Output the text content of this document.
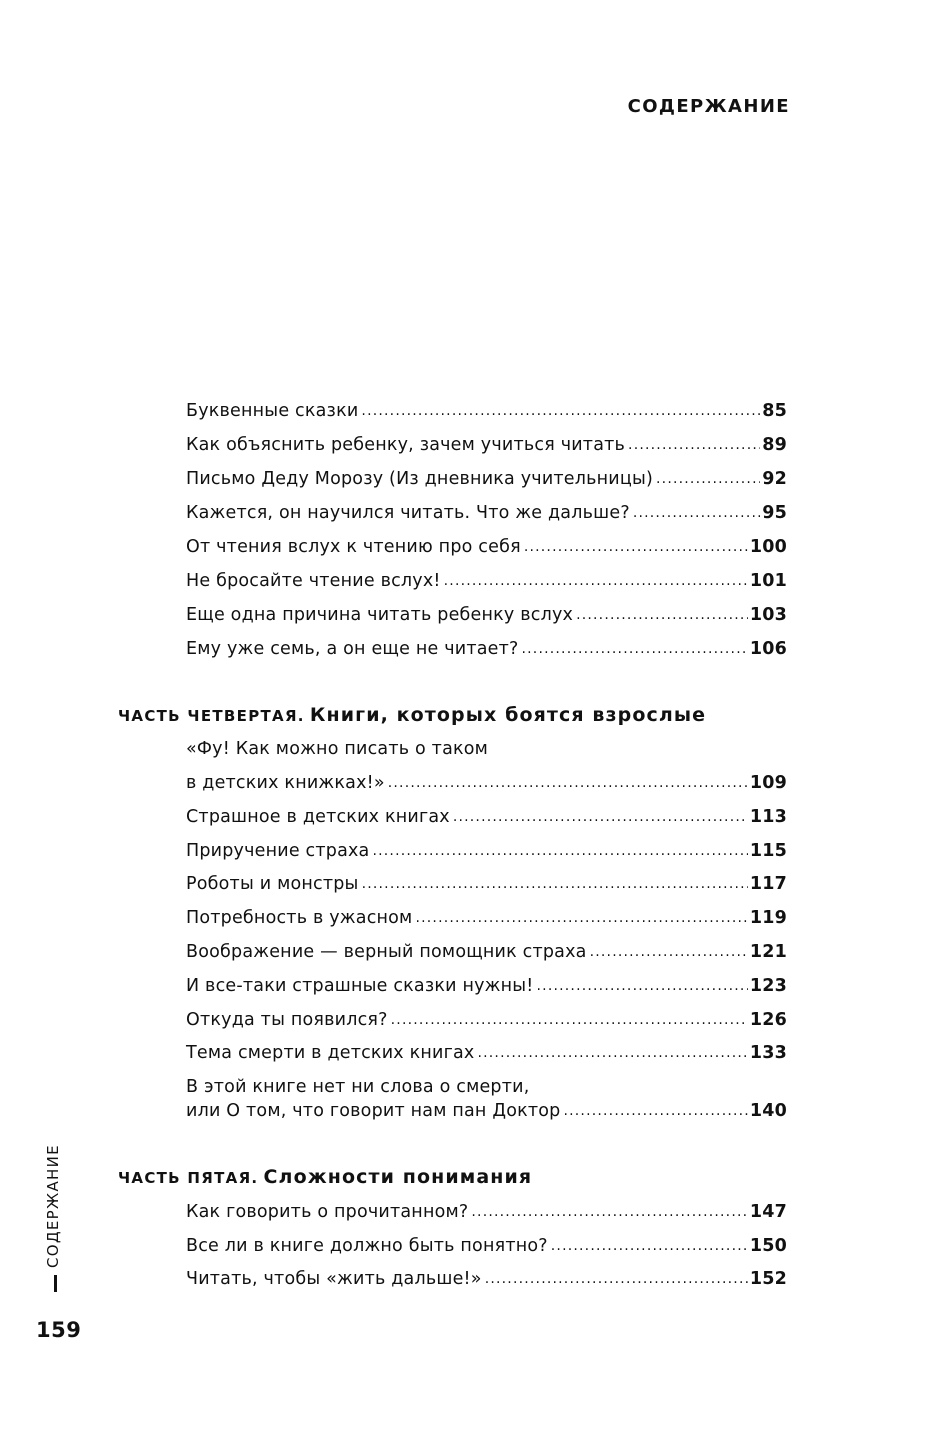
СОДЕРЖАНИЕ
Буквенные сказки .....	85
Как объяснить ребенку, зачем учиться читать .....	89
Письмо Деду Морозу (Из дневника учительницы) .....	92
Кажется, он научился читать. Что же дальше? .....	95
От чтения вслух к чтению про себя .....	100
Не бросайте чтение вслух! .....	101
Еще одна причина читать ребенку вслух .....	103
Ему уже семь, а он еще не читает? .....	106
ЧАСТЬ ЧЕТВЕРТАЯ. Книги, которых боятся взрослые
«Фу! Как можно писать о таком
в детских книжках!» .....	109
Страшное в детских книгах .....	113
Приручение страха .....	115
Роботы и монстры .....	117
Потребность в ужасном .....	119
Воображение — верный помощник страха .....	121
И все-таки страшные сказки нужны! .....	123
Откуда ты появился? .....	126
Тема смерти в детских книгах .....	133
В этой книге нет ни слова о смерти,
или О том, что говорит нам пан Доктор .....	140
ЧАСТЬ ПЯТАЯ. Сложности понимания
Как говорить о прочитанном? .....	147
Все ли в книге должно быть понятно? .....	150
Читать, чтобы «жить дальше!» .....	152
СОДЕРЖАНИЕ
159
